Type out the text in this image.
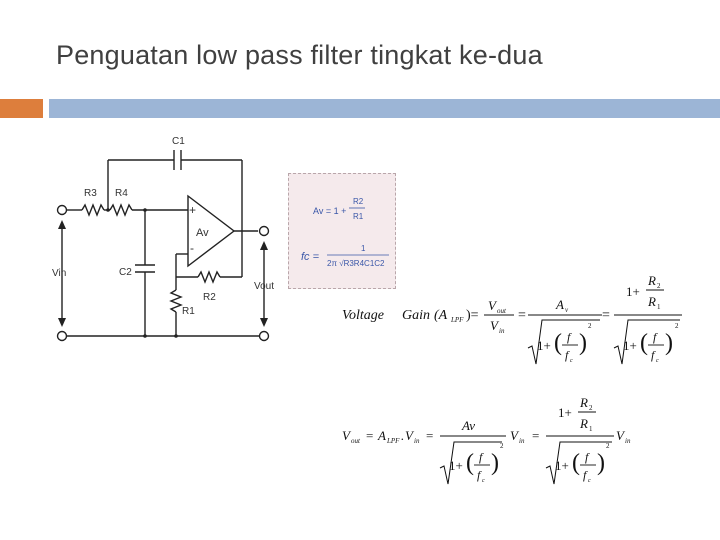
Penguatan low pass filter tingkat ke-dua
C1
R3 R4
C2
R1
R2
Av
+
-
Vin
Vout
Av = 1 +
R2
R1
fc =
1
2π √R3R4C1C2
Voltage Gain (A LPF )=
V out
V in
=
A v
1+ ( f
f c
)
2
=
1+
R 2
R 1
1+ ( f
f c
)
2
V out = A LPF . V in =
Av
1+ ( f
f c
)
2
V in =
1+
R 2
R 1
1+ ( f
f c
)
2
V in
